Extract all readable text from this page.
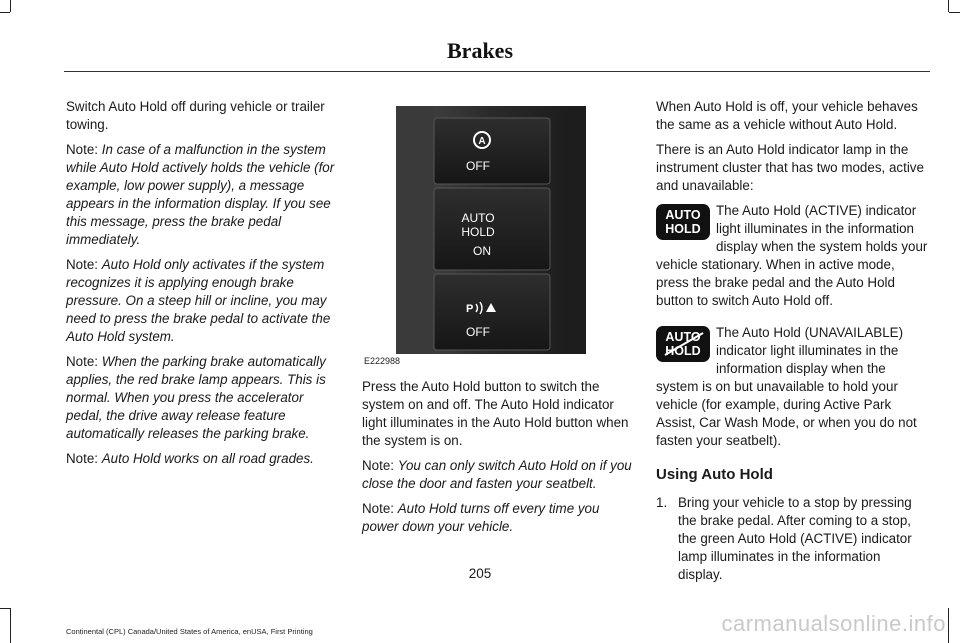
Brakes

Switch Auto Hold off during vehicle or trailer towing.

Note: In case of a malfunction in the system while Auto Hold actively holds the vehicle (for example, low power supply), a message appears in the information display. If you see this message, press the brake pedal immediately.

Note: Auto Hold only activates if the system recognizes it is applying enough brake pressure. On a steep hill or incline, you may need to press the brake pedal to activate the Auto Hold system.

Note: When the parking brake automatically applies, the red brake lamp appears. This is normal. When you press the accelerator pedal, the drive away release feature automatically releases the parking brake.

Note: Auto Hold works on all road grades.

A
OFF
AUTO
HOLD
ON
P
OFF
E222988

Press the Auto Hold button to switch the system on and off. The Auto Hold indicator light illuminates in the Auto Hold button when the system is on.

Note: You can only switch Auto Hold on if you close the door and fasten your seatbelt.

Note: Auto Hold turns off every time you power down your vehicle.

When Auto Hold is off, your vehicle behaves the same as a vehicle without Auto Hold.

There is an Auto Hold indicator lamp in the instrument cluster that has two modes, active and unavailable:

AUTO
HOLD
The Auto Hold (ACTIVE) indicator light illuminates in the information display when the system holds your vehicle stationary. When in active mode, press the brake pedal and the Auto Hold button to switch Auto Hold off.
AUTO
HOLD
The Auto Hold (UNAVAILABLE) indicator light illuminates in the information display when the system is on but unavailable to hold your vehicle (for example, during Active Park Assist, Car Wash Mode, or when you do not fasten your seatbelt).
Using Auto Hold
1. Bring your vehicle to a stop by pressing the brake pedal. After coming to a stop, the green Auto Hold (ACTIVE) indicator lamp illuminates in the information display.
205
Continental (CPL) Canada/United States of America, enUSA, First Printing	carmanualsonline.info
